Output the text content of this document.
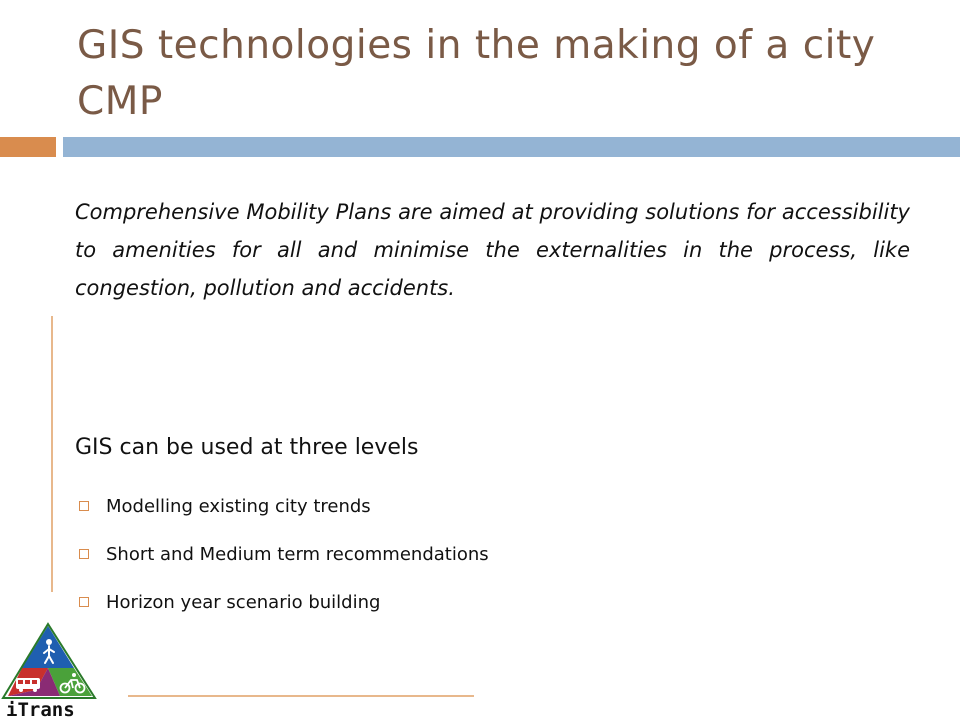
GIS technologies in the making of a city CMP

Comprehensive Mobility Plans are aimed at providing solutions for accessibility to amenities for all and minimise the externalities in the process, like congestion, pollution and accidents.

GIS can be used at three levels

Modelling existing city trends
Short and Medium term recommendations
Horizon year scenario building
iTrans
